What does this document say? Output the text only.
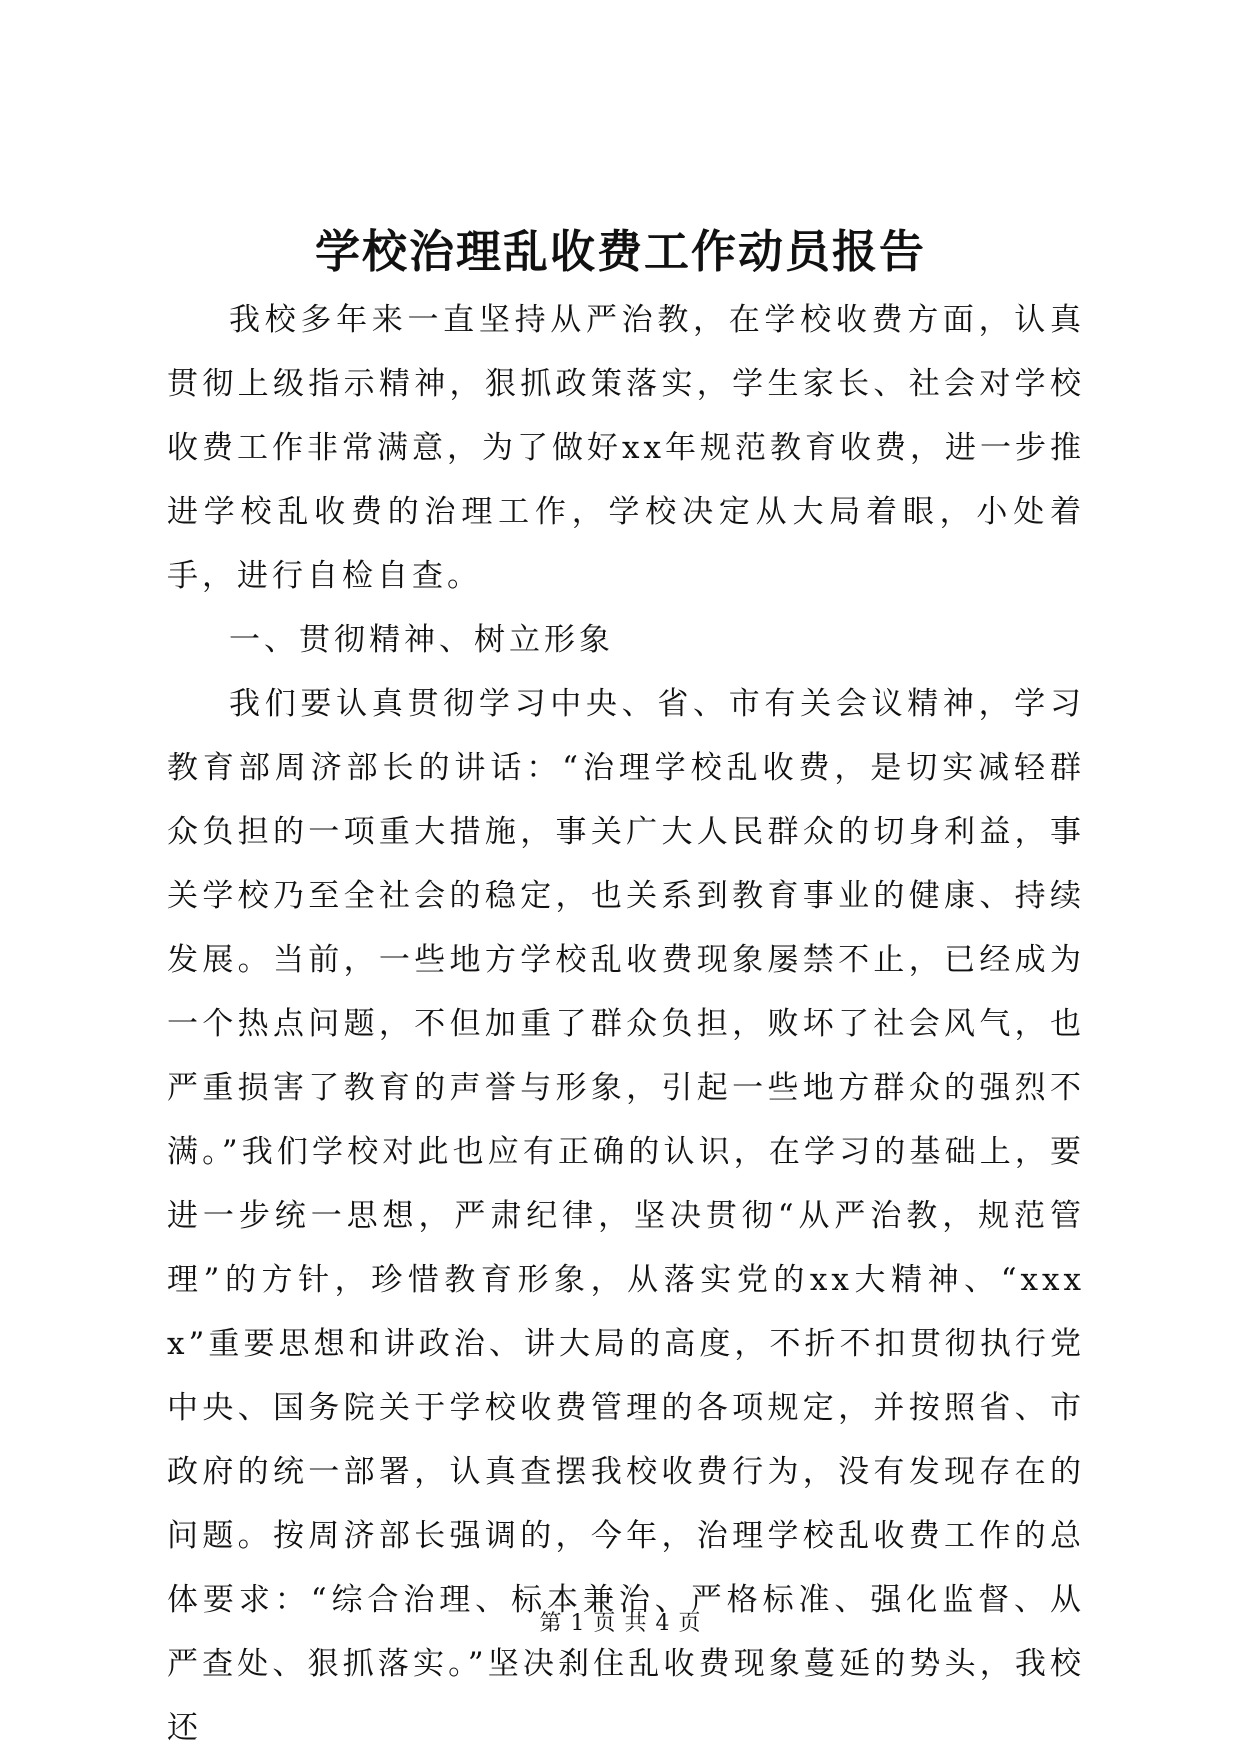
学校治理乱收费工作动员报告

我校多年来一直坚持从严治教，在学校收费方面，认真贯彻上级指示精神，狠抓政策落实，学生家长、社会对学校收费工作非常满意，为了做好xx年规范教育收费，进一步推进学校乱收费的治理工作，学校决定从大局着眼，小处着手，进行自检自查。

一、贯彻精神、树立形象

我们要认真贯彻学习中央、省、市有关会议精神，学习教育部周济部长的讲话：“治理学校乱收费，是切实减轻群众负担的一项重大措施，事关广大人民群众的切身利益，事关学校乃至全社会的稳定，也关系到教育事业的健康、持续发展。当前，一些地方学校乱收费现象屡禁不止，已经成为一个热点问题，不但加重了群众负担，败坏了社会风气，也严重损害了教育的声誉与形象，引起一些地方群众的强烈不满。”我们学校对此也应有正确的认识，在学习的基础上，要进一步统一思想，严肃纪律，坚决贯彻“从严治教，规范管理”的方针，珍惜教育形象，从落实党的xx大精神、“xxxx”重要思想和讲政治、讲大局的高度，不折不扣贯彻执行党中央、国务院关于学校收费管理的各项规定，并按照省、市政府的统一部署，认真查摆我校收费行为，没有发现存在的问题。按周济部长强调的，今年，治理学校乱收费工作的总体要求：“综合治理、标本兼治、严格标准、强化监督、从严查处、狠抓落实。”坚决刹住乱收费现象蔓延的势头，我校还

第 1 页 共 4 页
